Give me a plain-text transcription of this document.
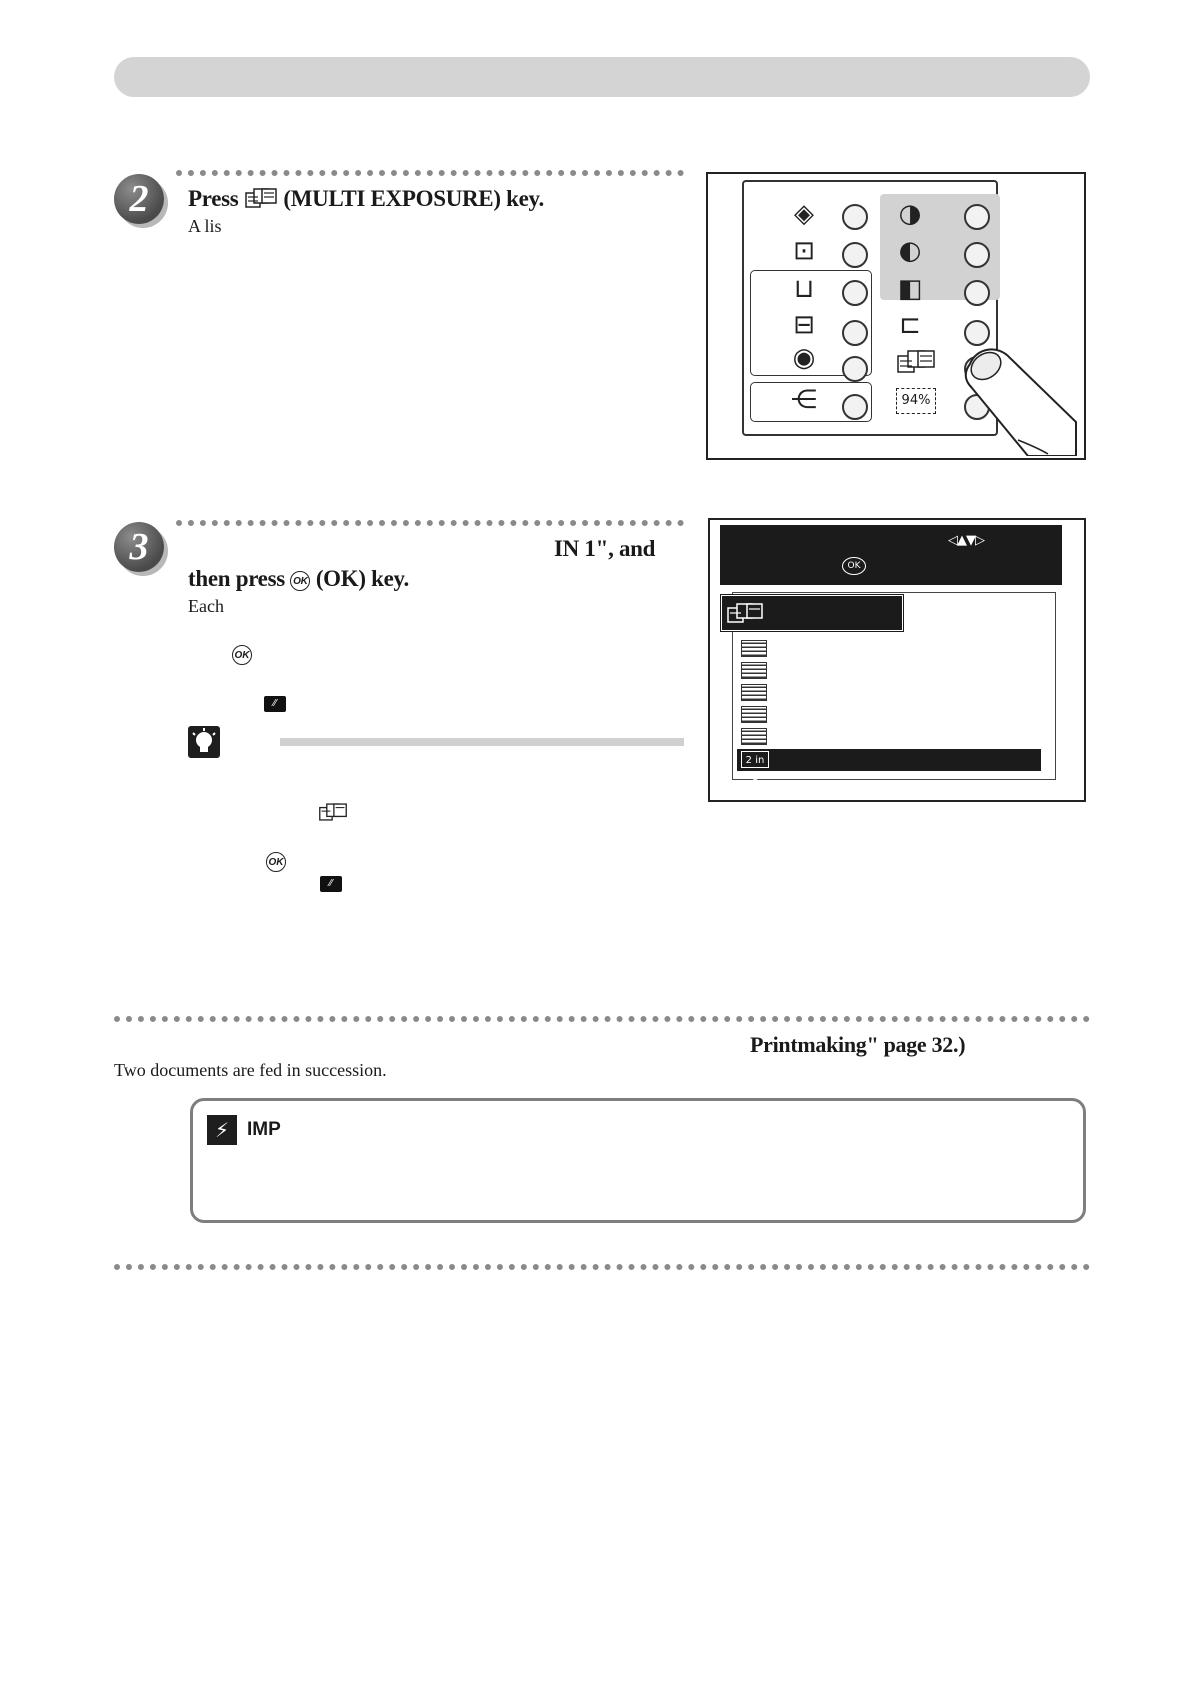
2	Press (MULTI EXPOSURE) key.
A lis	◈
⊡
⊔
⊟
◉
⋲
◑
◐
◧
⊏
94%
3	IN 1", and
then press OK (OK) key.
Each
OK
⁄⁄
OK
⁄⁄
◁▲▼▷
OK
2 in 1
Printmaking" page 32.)
Two documents are fed in succession.
⚡ IMP
